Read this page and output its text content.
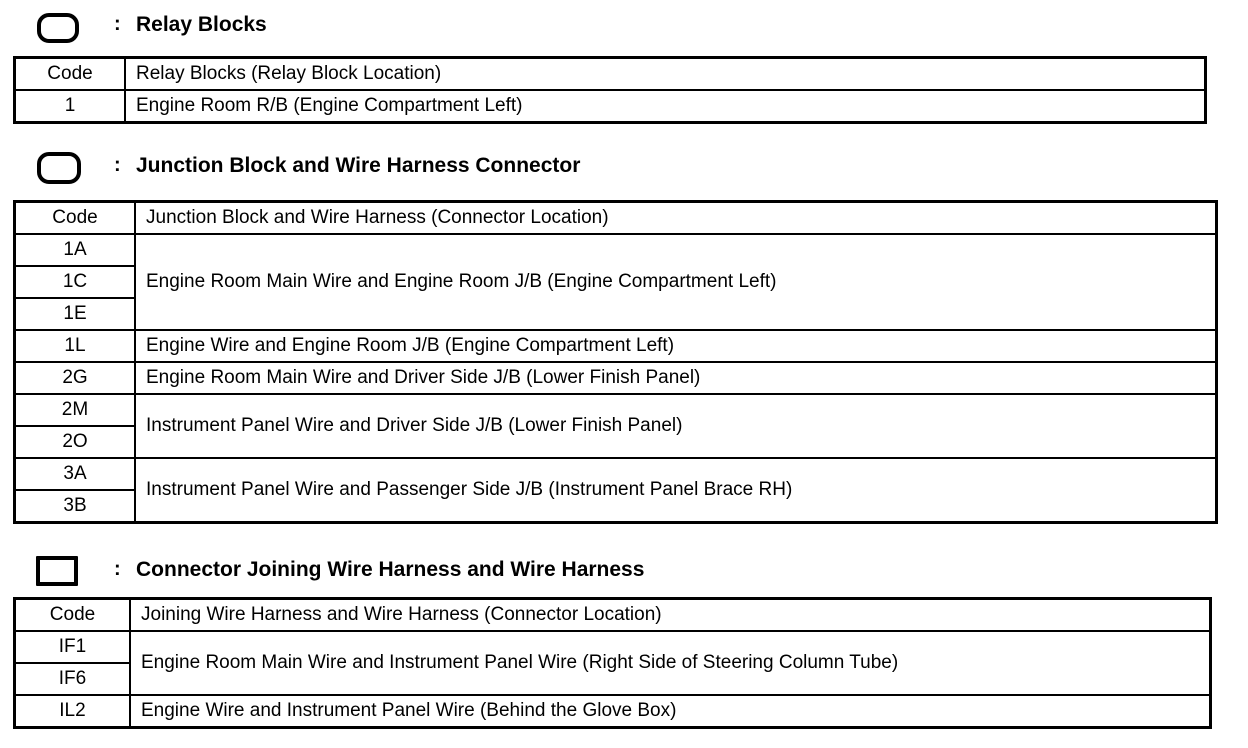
: Relay Blocks
Code	Relay Blocks (Relay Block Location)
1	Engine Room R/B (Engine Compartment Left)
: Junction Block and Wire Harness Connector
Code	Junction Block and Wire Harness (Connector Location)
1A	Engine Room Main Wire and Engine Room J/B (Engine Compartment Left)
1C	
1E	
1L	Engine Wire and Engine Room J/B (Engine Compartment Left)
2G	Engine Room Main Wire and Driver Side J/B (Lower Finish Panel)
2M	Instrument Panel Wire and Driver Side J/B (Lower Finish Panel)
2O	
3A	Instrument Panel Wire and Passenger Side J/B (Instrument Panel Brace RH)
3B	
: Connector Joining Wire Harness and Wire Harness
Code	Joining Wire Harness and Wire Harness (Connector Location)
IF1	Engine Room Main Wire and Instrument Panel Wire (Right Side of Steering Column Tube)
IF6	
IL2	Engine Wire and Instrument Panel Wire (Behind the Glove Box)
